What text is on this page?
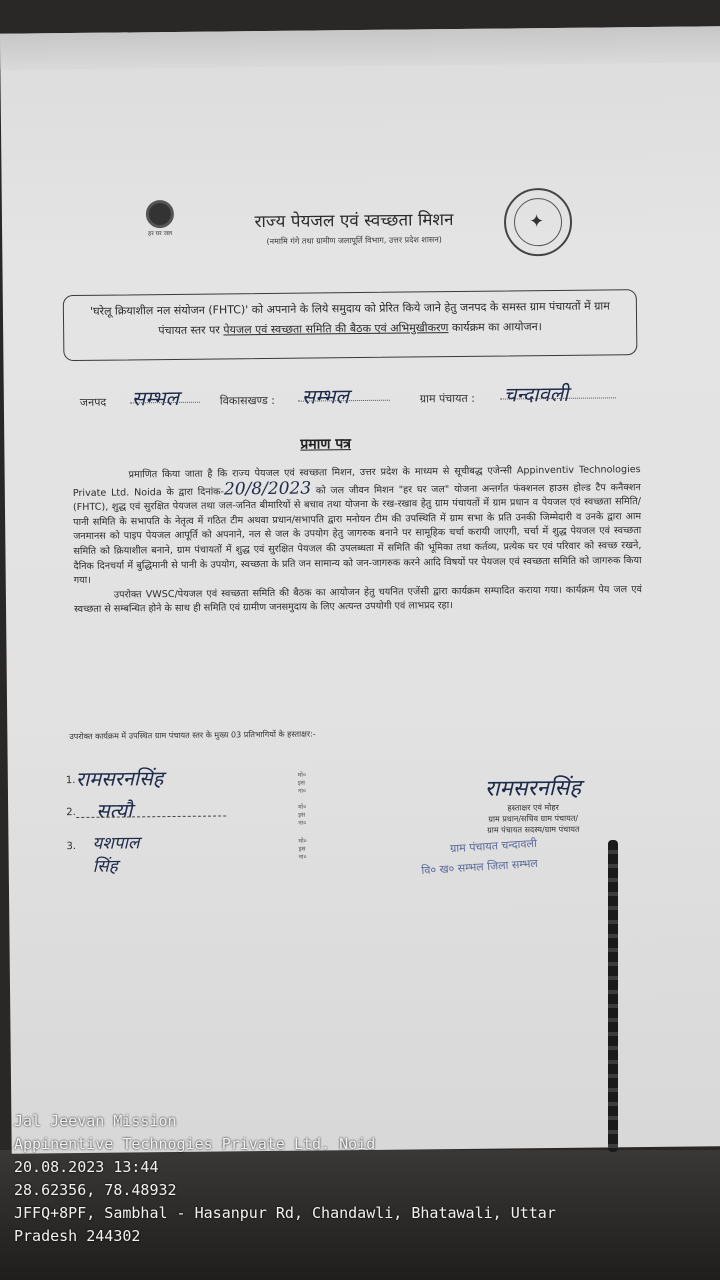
हर घर जल
राज्य पेयजल एवं स्वच्छता मिशन
(नमामि गंगे तथा ग्रामीण जलापूर्ति विभाग, उत्तर प्रदेश शासन)
✦
'घरेलू क्रियाशील नल संयोजन (FHTC)' को अपनाने के लिये समुदाय को प्रेरित किये जाने हेतु जनपद के समस्त ग्राम पंचायतों में ग्राम पंचायत स्तर पर पेयजल एवं स्वच्छता समिति की बैठक एवं अभिमुखीकरण कार्यक्रम का आयोजन।
जनपद सम्भल	विकासखण्ड : सम्भल	ग्राम पंचायत : चन्दावली
प्रमाण पत्र
प्रमाणित किया जाता है कि राज्य पेयजल एवं स्वच्छता मिशन, उत्तर प्रदेश के माध्यम से सूचीबद्ध एजेन्सी Appinventiv Technologies Private Ltd. Noida के द्वारा दिनांक-20/8/2023 को जल जीवन मिशन "हर घर जल" योजना अन्तर्गत फंक्शनल हाउस होल्ड टैप कनैक्शन (FHTC), शुद्ध एवं सुरक्षित पेयजल तथा जल-जनित बीमारियों से बचाव तथा योजना के रख-रखाव हेतु ग्राम पंचायतों में ग्राम प्रधान व पेयजल एवं स्वच्छता समिति/पानी समिति के सभापति के नेतृत्व में गठित टीम अथवा प्रधान/सभापति द्वारा मनोयन टीम की उपस्थिति में ग्राम सभा के प्रति उनकी जिम्मेदारी व उनके द्वारा आम जनमानस को पाइप पेयजल आपूर्ति को अपनाने, नल से जल के उपयोग हेतु जागरुक बनाने पर सामूहिक चर्चा करायी जाएगी, चर्चा में शुद्ध पेयजल एवं स्वच्छता समिति को क्रियाशील बनाने, ग्राम पंचायतों में शुद्ध एवं सुरक्षित पेयजल की उपलब्धता में समिति की भूमिका तथा कर्तव्य, प्रत्येक घर एवं परिवार को स्वच्छ रखने, दैनिक दिनचर्या में बुद्धिमानी से पानी के उपयोग, स्वच्छता के प्रति जन सामान्य को जन-जागरुक करने आदि विषयों पर पेयजल एवं स्वच्छता समिति को जागरुक किया गया।
उपरोक्त VWSC/पेयजल एवं स्वच्छता समिति की बैठक का आयोजन हेतु चयनित एजेंसी द्वारा कार्यक्रम सम्पादित कराया गया। कार्यक्रम पेय जल एवं स्वच्छता से सम्बन्धित होने के साथ ही समिति एवं ग्रामीण जनसमुदाय के लिए अत्यन्त उपयोगी एवं लाभप्रद रहा।
उपरोक्त कार्यक्रम में उपस्थित ग्राम पंचायत स्तर के मुख्य 03 प्रतिभागियों के हस्ताक्षर:-
1. रामसरनसिंह	मो० इस ना०
2. सत्यौ	मो० इस ना०
3. यशपाल सिंह
मो० इस ना०
रामसरनसिंह
हस्ताक्षर एवं मोहर
ग्राम प्रधान/सचिव ग्राम पंचायत/
ग्राम पंचायत सदस्य/ग्राम पंचायत
ग्राम पंचायत चन्दावली
वि० ख० सम्भल जिला सम्भल
Jal Jeevan Mission
Appinentive Technogies Private Ltd. Noid
20.08.2023 13:44
28.62356, 78.48932
JFFQ+8PF, Sambhal - Hasanpur Rd, Chandawli, Bhatawali, Uttar
Pradesh 244302
